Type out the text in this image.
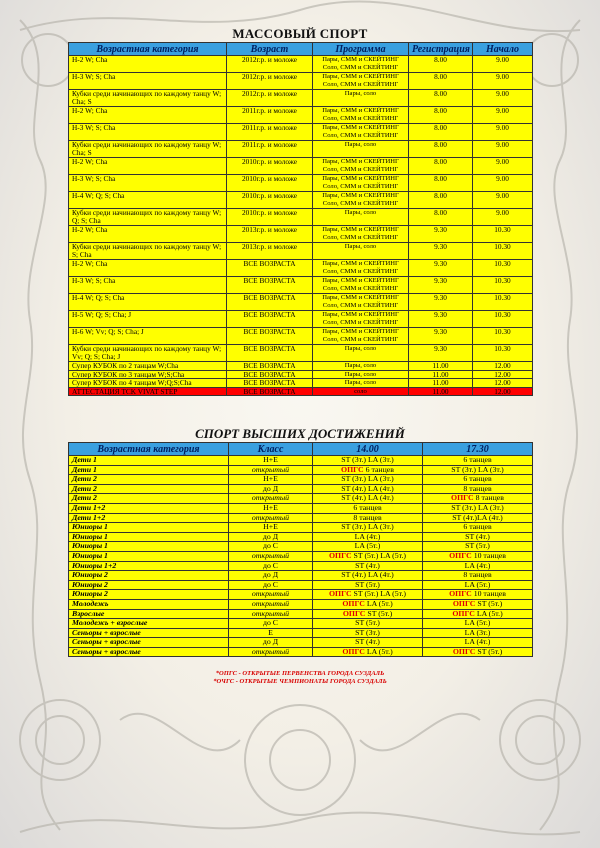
МАССОВЫЙ СПОРТ
Возрастная категория	Возраст	Программа	Регистрация	Начало
Н-2 W; Cha	2012г.р. и моложе	Пары, СММ и СКЕЙТИНГ Соло, СММ и СКЕЙТИНГ	8.00	9.00
Н-3 W; S; Cha	2012г.р. и моложе	Пары, СММ и СКЕЙТИНГ Соло, СММ и СКЕЙТИНГ	8.00	9.00
Кубки среди начинающих по каждому танцу W; Cha; S	2012г.р. и моложе	Пары, соло	8.00	9.00
Н-2 W; Cha	2011г.р. и моложе	Пары, СММ и СКЕЙТИНГ Соло, СММ и СКЕЙТИНГ	8.00	9.00
Н-3 W; S; Cha	2011г.р. и моложе	Пары, СММ и СКЕЙТИНГ Соло, СММ и СКЕЙТИНГ	8.00	9.00
Кубки среди начинающих по каждому танцу W; Cha; S	2011г.р. и моложе	Пары, соло	8.00	9.00
Н-2 W; Cha	2010г.р. и моложе	Пары, СММ и СКЕЙТИНГ Соло, СММ и СКЕЙТИНГ	8.00	9.00
Н-3 W; S; Cha	2010г.р. и моложе	Пары, СММ и СКЕЙТИНГ Соло, СММ и СКЕЙТИНГ	8.00	9.00
Н-4 W; Q; S; Cha	2010г.р. и моложе	Пары, СММ и СКЕЙТИНГ Соло, СММ и СКЕЙТИНГ	8.00	9.00
Кубки среди начинающих по каждому танцу W; Q; S; Cha	2010г.р. и моложе	Пары, соло	8.00	9.00
Н-2 W; Cha	2013г.р. и моложе	Пары, СММ и СКЕЙТИНГ Соло, СММ и СКЕЙТИНГ	9.30	10.30
Кубки среди начинающих по каждому танцу W; S; Cha	2013г.р. и моложе	Пары, соло	9.30	10.30
Н-2 W; Cha	ВСЕ ВОЗРАСТА	Пары, СММ и СКЕЙТИНГ Соло, СММ и СКЕЙТИНГ	9.30	10.30
Н-3 W; S; Cha	ВСЕ ВОЗРАСТА	Пары, СММ и СКЕЙТИНГ Соло, СММ и СКЕЙТИНГ	9.30	10.30
Н-4 W; Q; S; Cha	ВСЕ ВОЗРАСТА	Пары, СММ и СКЕЙТИНГ Соло, СММ и СКЕЙТИНГ	9.30	10.30
Н-5 W; Q; S; Cha; J	ВСЕ ВОЗРАСТА	Пары, СММ и СКЕЙТИНГ Соло, СММ и СКЕЙТИНГ	9.30	10.30
Н-6 W; Vv; Q; S; Cha; J	ВСЕ ВОЗРАСТА	Пары, СММ и СКЕЙТИНГ Соло, СММ и СКЕЙТИНГ	9.30	10.30
Кубки среди начинающих по каждому танцу W; Vv; Q; S; Cha; J	ВСЕ ВОЗРАСТА	Пары, соло	9.30	10.30
Супер КУБОК по 2 танцам W;Cha	ВСЕ ВОЗРАСТА	Пары, соло	11.00	12.00
Супер КУБОК по 3 танцам W;S;Cha	ВСЕ ВОЗРАСТА	Пары, соло	11.00	12.00
Супер КУБОК по 4 танцам W;Q;S;Cha	ВСЕ ВОЗРАСТА	Пары, соло	11.00	12.00
АТТЕСТАЦИЯ TCK VIVAT STEP	ВСЕ ВОЗРАСТА	соло	11.00	12.00
СПОРТ ВЫСШИХ ДОСТИЖЕНИЙ
Возрастная категория	Класс	14.00	17.30
Дети 1	Н+Е	ST (3т.) LA (3т.)	6 танцев
Дети 1	открытый	ОПГС 6 танцев	ST (3т.) LA (3т.)
Дети 2	Н+Е	ST (3т.) LA (3т.)	6 танцев
Дети 2	до Д	ST (4т.) LA (4т.)	8 танцев
Дети 2	открытый	ST (4т.) LA (4т.)	ОПГС 8 танцев
Дети 1+2	Н+Е	6 танцев	ST (3т.) LA (3т.)
Дети 1+2	открытый	8 танцев	ST (4т.)LA (4т.)
Юниоры 1	Н+Е	ST (3т.) LA (3т.)	6 танцев
Юниоры 1	до Д	LA (4т.)	ST (4т.)
Юниоры 1	до С	LA (5т.)	ST (5т.)
Юниоры 1	открытый	ОПГС ST (5т.) LA (5т.)	ОПГС 10 танцев
Юниоры 1+2	до С	ST (4т.)	LA (4т.)
Юниоры 2	до Д	ST (4т.) LA (4т.)	8 танцев
Юниоры 2	до С	ST (5т.)	LA (5т.)
Юниоры 2	открытый	ОПГС ST (5т.) LA (5т.)	ОПГС 10 танцев
Молодежь	открытый	ОПГС LA (5т.)	ОПГС ST (5т.)
Взрослые	открытый	ОПГС ST (5т.)	ОПГС LA (5т.)
Молодежь + взрослые	до С	ST (5т.)	LA (5т.)
Сеньоры + взрослые	Е	ST (3т.)	LA (3т.)
Сеньоры + взрослые	до Д	ST (4т.)	LA (4т.)
Сеньоры + взрослые	открытый	ОПГС LA (5т.)	ОПГС ST (5т.)
*ОПГС - ОТКРЫТЫЕ ПЕРВЕНСТВА ГОРОДА СУЗДАЛЬ
*ОЧГС - ОТКРЫТЫЕ ЧЕМПИОНАТЫ ГОРОДА СУЗДАЛЬ
